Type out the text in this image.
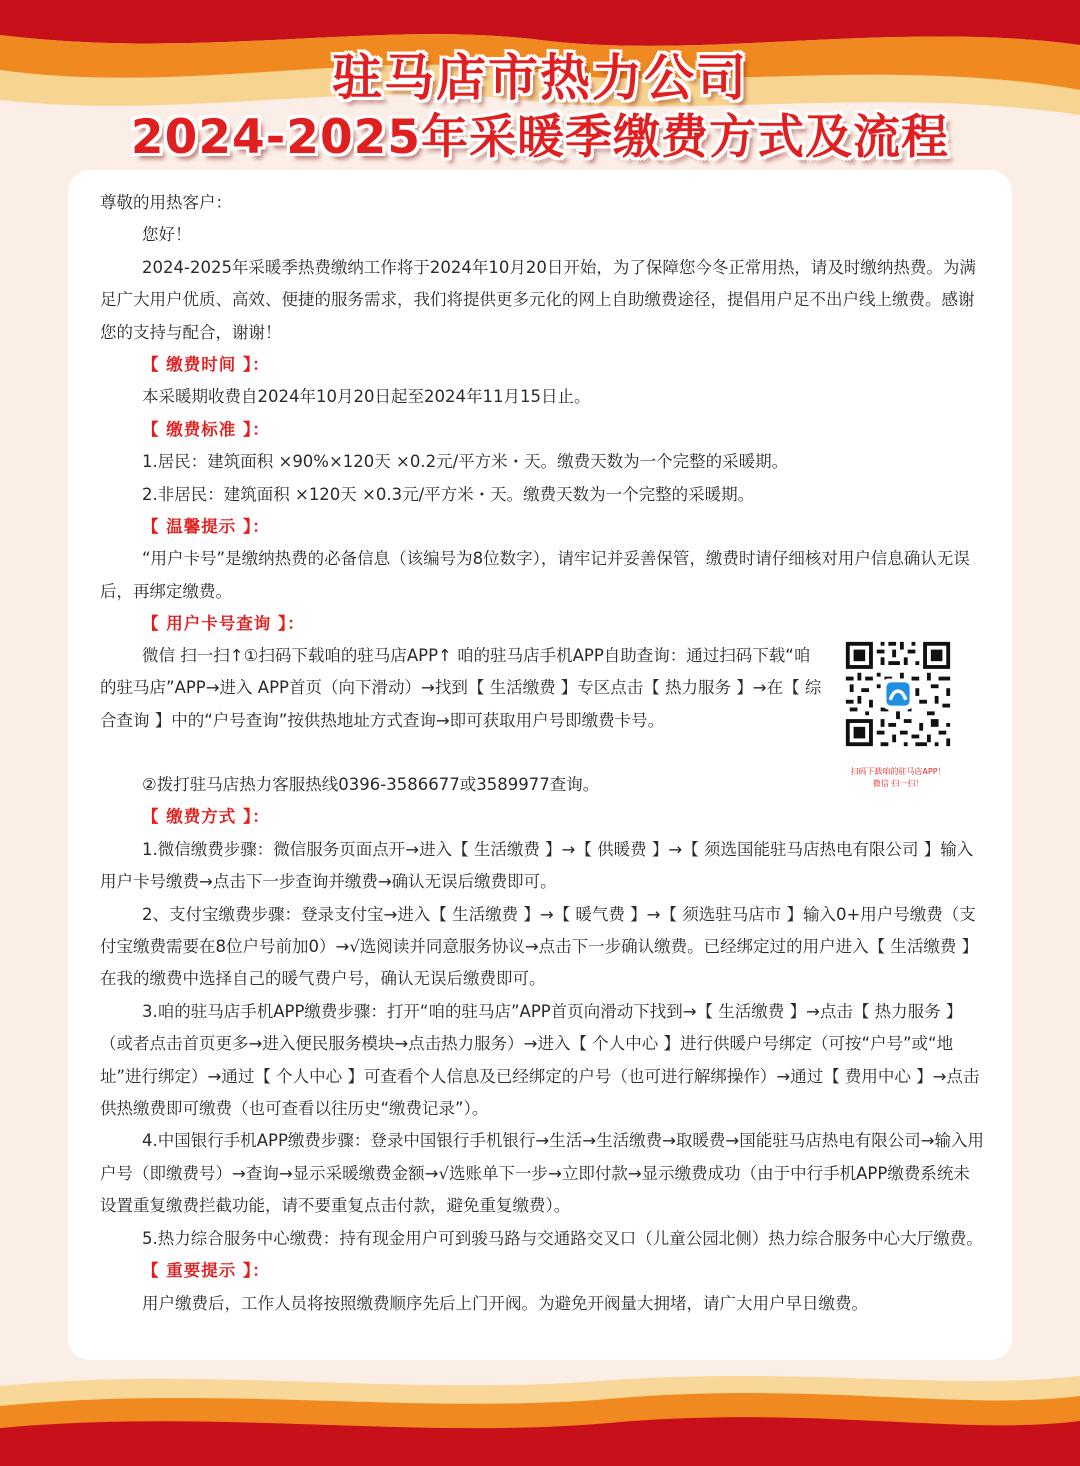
驻马店市热力公司
2024-2025年采暖季缴费方式及流程

尊敬的用热客户：

您好！

2024-2025年采暖季热费缴纳工作将于2024年10月20日开始，为了保障您今冬正常用热，请及时缴纳热费。为满足广大用户优质、高效、便捷的服务需求，我们将提供更多元化的网上自助缴费途径，提倡用户足不出户线上缴费。感谢您的支持与配合，谢谢！

【 缴费时间 】：

本采暖期收费自2024年10月20日起至2024年11月15日止。

【 缴费标准 】：

1.居民：建筑面积 ×90%×120天 ×0.2元/平方米・天。缴费天数为一个完整的采暖期。

2.非居民：建筑面积 ×120天 ×0.3元/平方米・天。缴费天数为一个完整的采暖期。

【 温馨提示 】：

“用户卡号”是缴纳热费的必备信息（该编号为8位数字），请牢记并妥善保管，缴费时请仔细核对用户信息确认无误后，再绑定缴费。

【 用户卡号查询 】：

微信 扫一扫↑①扫码下载咱的驻马店APP↑ 咱的驻马店手机APP自助查询：通过扫码下载“咱的驻马店”APP→进入 APP首页（向下滑动）→找到【 生活缴费 】专区点击【 热力服务 】→在【 综合查询 】中的“户号查询”按供热地址方式查询→即可获取用户号即缴费卡号。

扫码下载咱的驻马店APP！
微信 扫一扫！

②拨打驻马店热力客服热线0396-3586677或3589977查询。

【 缴费方式 】：

1.微信缴费步骤：微信服务页面点开→进入【 生活缴费 】→【 供暖费 】→【 须选国能驻马店热电有限公司 】输入用户卡号缴费→点击下一步查询并缴费→确认无误后缴费即可。

2、支付宝缴费步骤：登录支付宝→进入【 生活缴费 】→【 暖气费 】→【 须选驻马店市 】输入0+用户号缴费（支付宝缴费需要在8位户号前加0）→√选阅读并同意服务协议→点击下一步确认缴费。已经绑定过的用户进入【 生活缴费 】在我的缴费中选择自己的暖气费户号，确认无误后缴费即可。

3.咱的驻马店手机APP缴费步骤：打开“咱的驻马店”APP首页向滑动下找到→【 生活缴费 】→点击【 热力服务 】（或者点击首页更多→进入便民服务模块→点击热力服务）→进入【 个人中心 】进行供暖户号绑定（可按“户号”或“地址”进行绑定）→通过【 个人中心 】可查看个人信息及已经绑定的户号（也可进行解绑操作）→通过【 费用中心 】→点击供热缴费即可缴费（也可查看以往历史“缴费记录”）。

4.中国银行手机APP缴费步骤：登录中国银行手机银行→生活→生活缴费→取暖费→国能驻马店热电有限公司→输入用户号（即缴费号）→查询→显示采暖缴费金额→√选账单下一步→立即付款→显示缴费成功（由于中行手机APP缴费系统未设置重复缴费拦截功能，请不要重复点击付款，避免重复缴费）。

5.热力综合服务中心缴费：持有现金用户可到骏马路与交通路交叉口（儿童公园北侧）热力综合服务中心大厅缴费。

【 重要提示 】：

用户缴费后，工作人员将按照缴费顺序先后上门开阀。为避免开阀量大拥堵，请广大用户早日缴费。
